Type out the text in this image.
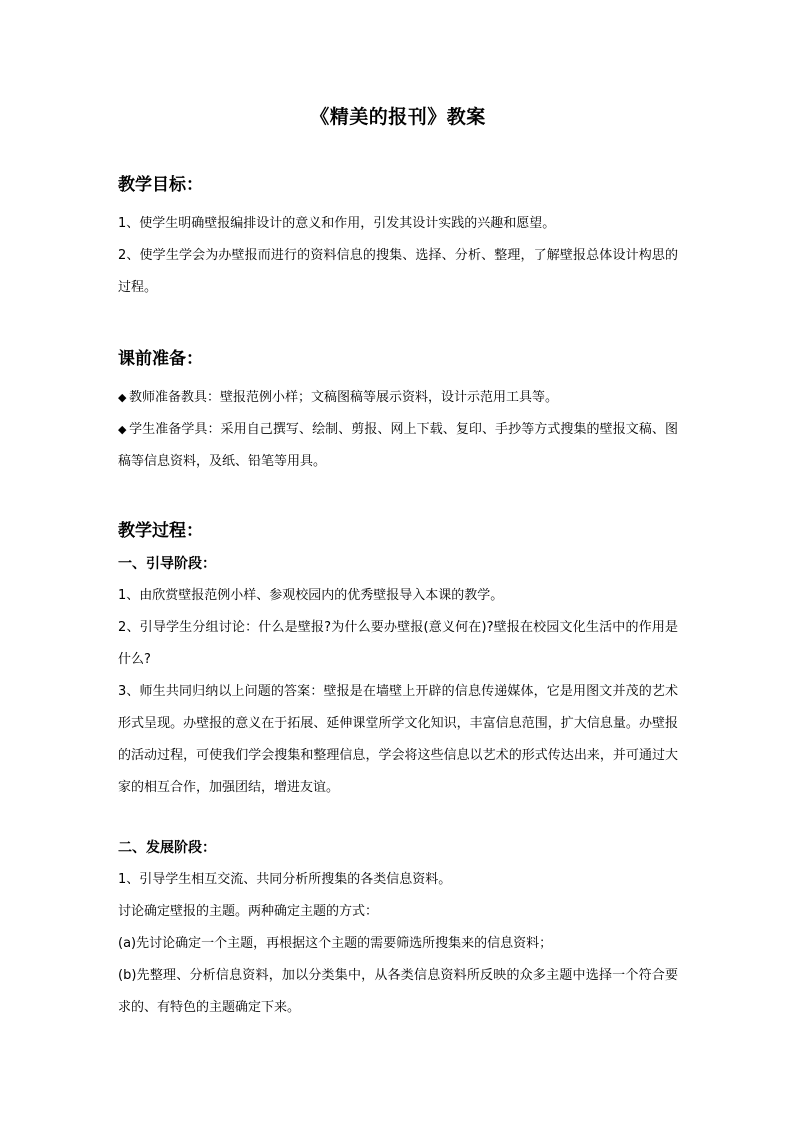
《精美的报刊》教案
教学目标：

1、使学生明确壁报编排设计的意义和作用，引发其设计实践的兴趣和愿望。

2、使学生学会为办壁报而进行的资料信息的搜集、选择、分析、整理，了解壁报总体设计构思的过程。

课前准备：

◆ 教师准备教具：壁报范例小样；文稿图稿等展示资料，设计示范用工具等。

◆ 学生准备学具：采用自己撰写、绘制、剪报、网上下载、复印、手抄等方式搜集的壁报文稿、图稿等信息资料，及纸、铅笔等用具。

教学过程：
一、引导阶段：

1、由欣赏壁报范例小样、参观校园内的优秀壁报导入本课的教学。

2、引导学生分组讨论：什么是壁报?为什么要办壁报(意义何在)?壁报在校园文化生活中的作用是什么?

3、师生共同归纳以上问题的答案：壁报是在墙壁上开辟的信息传递媒体，它是用图文并茂的艺术形式呈现。办壁报的意义在于拓展、延伸课堂所学文化知识，丰富信息范围，扩大信息量。办壁报的活动过程，可使我们学会搜集和整理信息，学会将这些信息以艺术的形式传达出来，并可通过大家的相互合作，加强团结，增进友谊。

二、发展阶段：

1、引导学生相互交流、共同分析所搜集的各类信息资料。

讨论确定壁报的主题。两种确定主题的方式：

(a)先讨论确定一个主题，再根据这个主题的需要筛选所搜集来的信息资料；

(b)先整理、分析信息资料，加以分类集中，从各类信息资料所反映的众多主题中选择一个符合要求的、有特色的主题确定下来。
